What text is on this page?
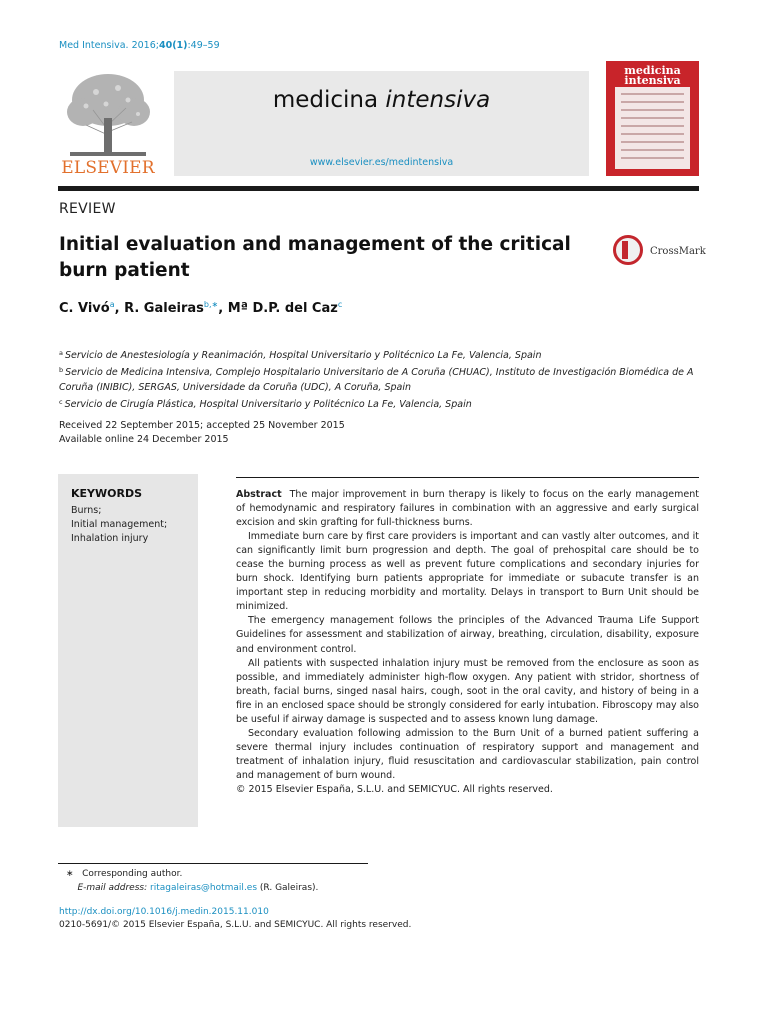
Med Intensiva. 2016;40(1):49–59
ELSEVIER
medicina intensiva
www.elsevier.es/medintensiva
medicina
intensiva
REVIEW
Initial evaluation and management of the critical burn patient
CrossMark
C. Vivó$^a$, R. Galeiras$^{b,∗}$, Mª D.P. del Caz$^c$
$^a$ Servicio de Anestesiología y Reanimación, Hospital Universitario y Politécnico La Fe, Valencia, Spain
$^b$ Servicio de Medicina Intensiva, Complejo Hospitalario Universitario de A Coruña (CHUAC), Instituto de Investigación Biomédica de A Coruña (INIBIC), SERGAS, Universidade da Coruña (UDC), A Coruña, Spain
$^c$ Servicio de Cirugía Plástica, Hospital Universitario y Politécnico La Fe, Valencia, Spain
Received 22 September 2015; accepted 25 November 2015
Available online 24 December 2015
KEYWORDS
Burns;
Initial management;
Inhalation injury

Abstract The major improvement in burn therapy is likely to focus on the early management of hemodynamic and respiratory failures in combination with an aggressive and early surgical excision and skin grafting for full-thickness burns.

Immediate burn care by first care providers is important and can vastly alter outcomes, and it can significantly limit burn progression and depth. The goal of prehospital care should be to cease the burning process as well as prevent future complications and secondary injuries for burn shock. Identifying burn patients appropriate for immediate or subacute transfer is an important step in reducing morbidity and mortality. Delays in transport to Burn Unit should be minimized.

The emergency management follows the principles of the Advanced Trauma Life Support Guidelines for assessment and stabilization of airway, breathing, circulation, disability, exposure and environment control.

All patients with suspected inhalation injury must be removed from the enclosure as soon as possible, and immediately administer high-flow oxygen. Any patient with stridor, shortness of breath, facial burns, singed nasal hairs, cough, soot in the oral cavity, and history of being in a fire in an enclosed space should be strongly considered for early intubation. Fibroscopy may also be useful if airway damage is suspected and to assess known lung damage.

Secondary evaluation following admission to the Burn Unit of a burned patient suffering a severe thermal injury includes continuation of respiratory support and management and treatment of inhalation injury, fluid resuscitation and cardiovascular stabilization, pain control and management of burn wound.

© 2015 Elsevier España, S.L.U. and SEMICYUC. All rights reserved.

∗ Corresponding author.
E-mail address: ritagaleiras@hotmail.es (R. Galeiras).
http://dx.doi.org/10.1016/j.medin.2015.11.010
0210-5691/© 2015 Elsevier España, S.L.U. and SEMICYUC. All rights reserved.
